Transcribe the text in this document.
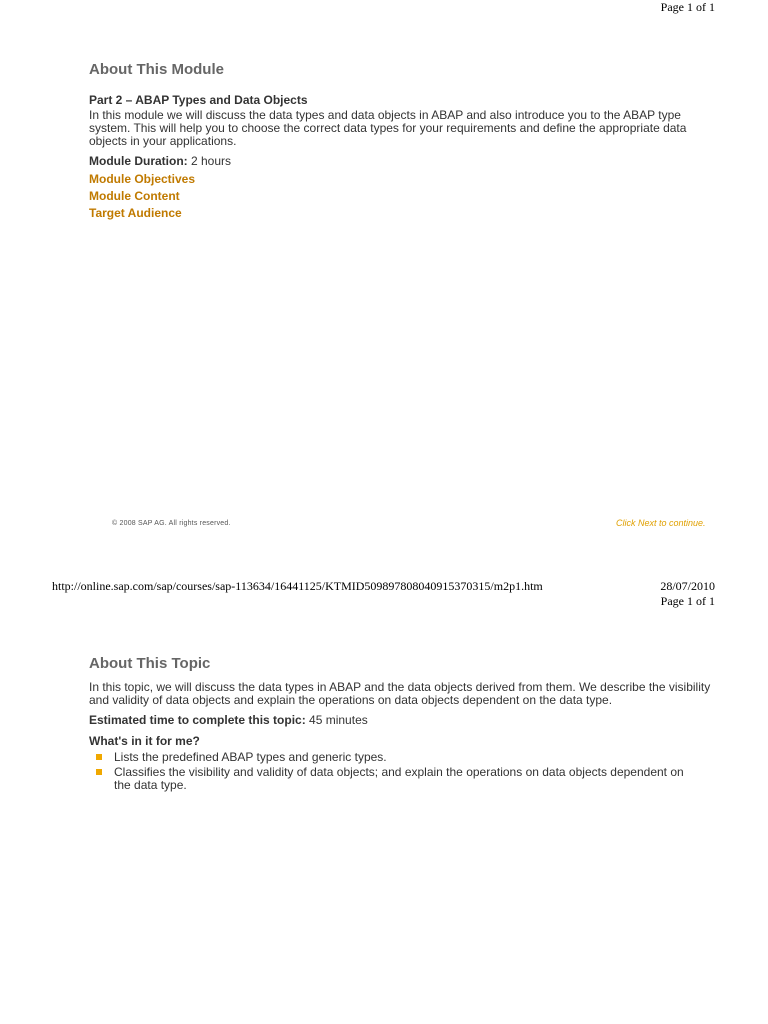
Page 1 of 1
About This Module
Part 2 – ABAP Types and Data Objects
In this module we will discuss the data types and data objects in ABAP and also introduce you to the ABAP type system. This will help you to choose the correct data types for your requirements and define the appropriate data objects in your applications.
Module Duration: 2 hours
Module Objectives
Module Content
Target Audience
© 2008 SAP AG. All rights reserved.	Click Next to continue.
http://online.sap.com/sap/courses/sap-113634/16441125/KTMID509897808040915370315/m2p1.htm	28/07/2010
Page 1 of 1
About This Topic
In this topic, we will discuss the data types in ABAP and the data objects derived from them. We describe the visibility and validity of data objects and explain the operations on data objects dependent on the data type.
Estimated time to complete this topic: 45 minutes
What's in it for me?
Lists the predefined ABAP types and generic types.
Classifies the visibility and validity of data objects; and explain the operations on data objects dependent on the data type.
